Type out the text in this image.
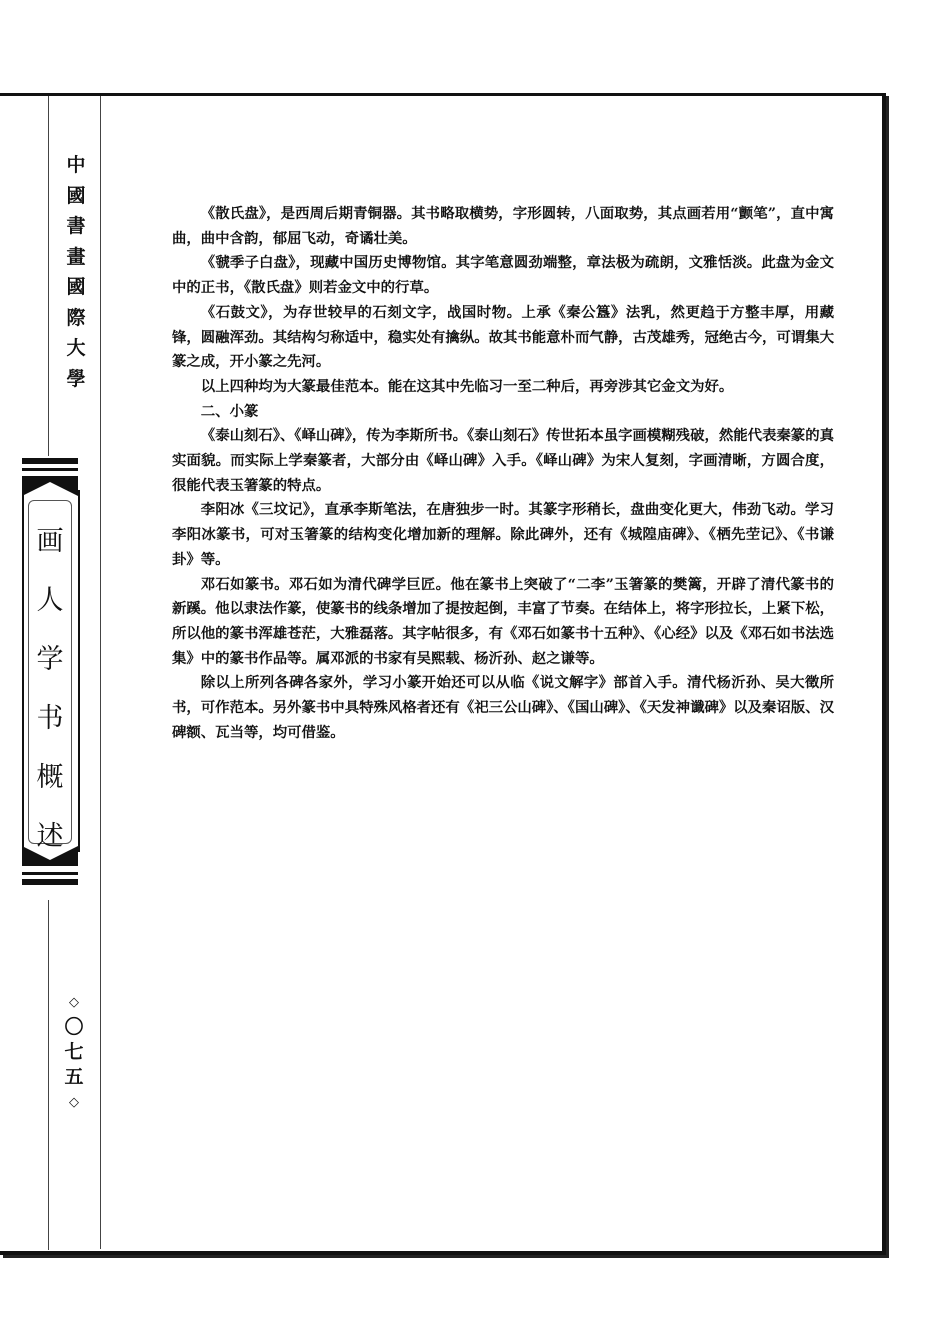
中
國
書
畫
國
際
大
學
画
人
学
书
概
述
◇
〇
七
五
◇

《散氏盘》，是西周后期青铜器。其书略取横势，字形圆转，八面取势，其点画若用“颤笔”，直中寓曲，曲中含韵，郁屈飞动，奇谲壮美。

《虢季子白盘》，现藏中国历史博物馆。其字笔意圆劲端整，章法极为疏朗，文雅恬淡。此盘为金文中的正书，《散氏盘》则若金文中的行草。

《石鼓文》，为存世较早的石刻文字，战国时物。上承《秦公簋》法乳，然更趋于方整丰厚，用藏锋，圆融浑劲。其结构匀称适中，稳实处有擒纵。故其书能意朴而气静，古茂雄秀，冠绝古今，可谓集大篆之成，开小篆之先河。

以上四种均为大篆最佳范本。能在这其中先临习一至二种后，再旁涉其它金文为好。

二、小篆

《泰山刻石》、《峄山碑》，传为李斯所书。《泰山刻石》传世拓本虽字画模糊残破，然能代表秦篆的真实面貌。而实际上学秦篆者，大部分由《峄山碑》入手。《峄山碑》为宋人复刻，字画清晰，方圆合度，很能代表玉箸篆的特点。

李阳冰《三坟记》，直承李斯笔法，在唐独步一时。其篆字形稍长，盘曲变化更大，伟劲飞动。学习李阳冰篆书，可对玉箸篆的结构变化增加新的理解。除此碑外，还有《城隍庙碑》、《栖先茔记》、《书谦卦》等。

邓石如篆书。邓石如为清代碑学巨匠。他在篆书上突破了“二李”玉箸篆的樊篱，开辟了清代篆书的新蹊。他以隶法作篆，使篆书的线条增加了提按起倒，丰富了节奏。在结体上，将字形拉长，上紧下松，所以他的篆书浑雄苍茫，大雅磊落。其字帖很多，有《邓石如篆书十五种》、《心经》以及《邓石如书法选集》中的篆书作品等。属邓派的书家有吴熙载、杨沂孙、赵之谦等。

除以上所列各碑各家外，学习小篆开始还可以从临《说文解字》部首入手。清代杨沂孙、吴大徵所书，可作范本。另外篆书中具特殊风格者还有《祀三公山碑》、《国山碑》、《天发神谶碑》以及秦诏版、汉碑额、瓦当等，均可借鉴。
